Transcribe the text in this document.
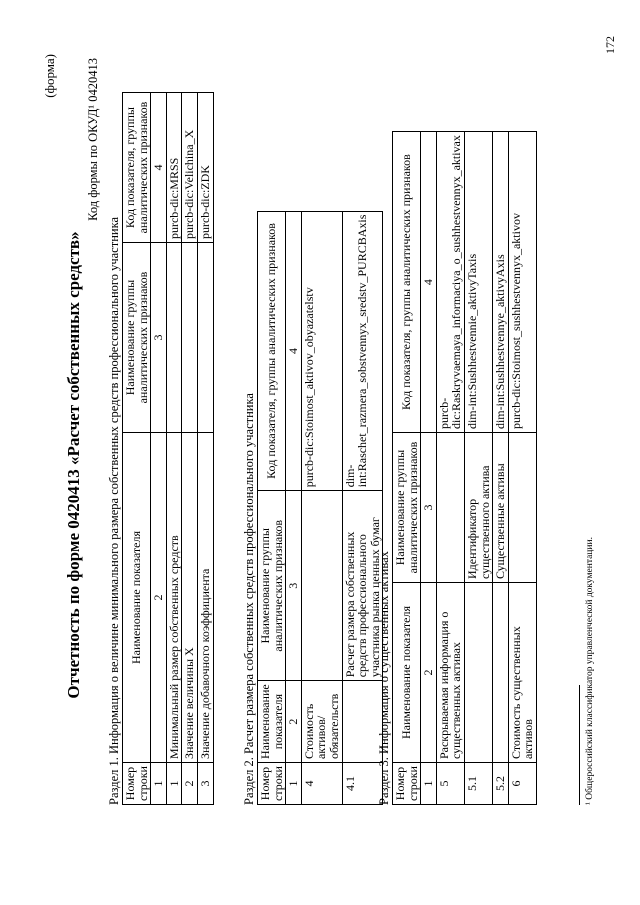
(форма)
Отчетность по форме 0420413 «Расчет собственных средств»
Код формы по ОКУД¹ 0420413
Раздел 1. Информация о величине минимального размера собственных средств профессионального участника Номер строки	Наименование показателя	Наименование группы аналитических признаков	Код показателя, группы аналитических признаков
1	2	3	4
1	Минимальный размер собственных средств		purcb-dic:MRSS
2	Значение величины X		purcb-dic:Velichina_X
3	Значение добавочного коэффициента		purcb-dic:ZDK
Раздел 2. Расчет размера собственных средств профессионального участника Номер строки	Наименование показателя	Наименование группы аналитических признаков	Код показателя, группы аналитических признаков
1	2	3	4
4	Стоимость активов/обязательств		purcb-dic:Stoimost_aktivov_obyazatelstv
4.1		Расчет размера собственных средств профессионального участника рынка ценных бумаг	dim-int:Raschet_razmera_sobstvennyx_sredstv_PURCBAxis
Раздел 3. Информация о существенных активах Номер строки	Наименование показателя	Наименование группы аналитических признаков	Код показателя, группы аналитических признаков
1	2	3	4
5	Раскрываемая информация о существенных активах		purcb-dic:Raskryvaemaya_informaciya_o_sushhestvennyx_aktivax
5.1		Идентификатор существенного актива	dim-int:Sushhestvennie_aktivyTaxis
5.2		Существенные активы	dim-int:Sushhestvennye_aktivyAxis
6	Стоимость существенных активов		purcb-dic:Stoimost_sushhestvennyx_aktivov
¹ Общероссийский классификатор управленческой документации.
172
